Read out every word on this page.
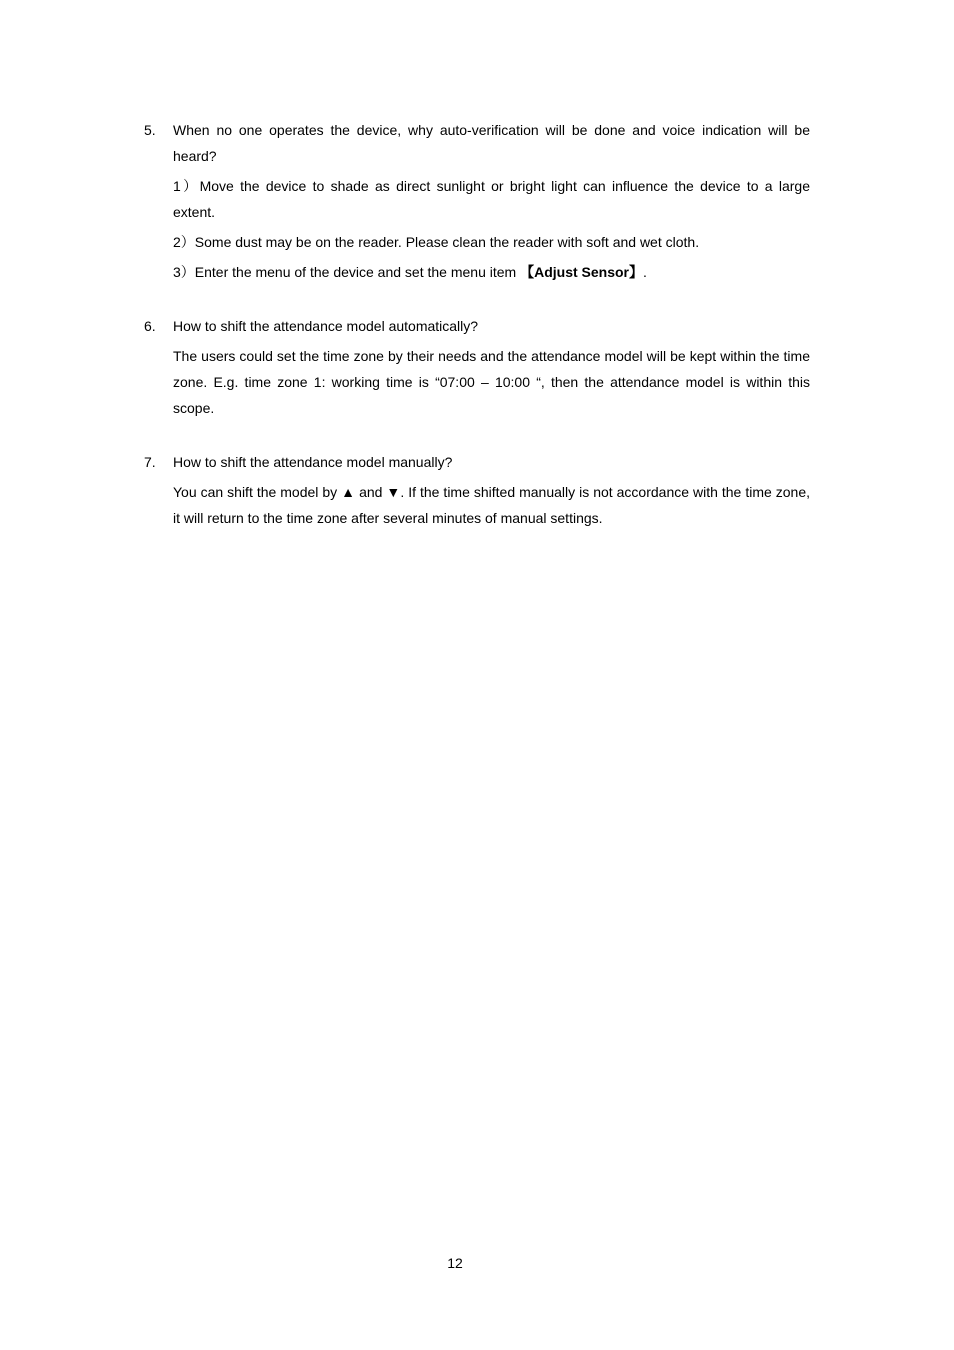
5.	When no one operates the device, why auto-verification will be done and voice indication will be heard?

1）Move the device to shade as direct sunlight or bright light can influence the device to a large extent.

2）Some dust may be on the reader. Please clean the reader with soft and wet cloth.

3）Enter the menu of the device and set the menu item 【Adjust Sensor】.

6.	How to shift the attendance model automatically?

The users could set the time zone by their needs and the attendance model will be kept within the time zone. E.g. time zone 1: working time is “07:00 – 10:00 “, then the attendance model is within this scope.

7.	How to shift the attendance model manually?

You can shift the model by ▲ and ▼. If the time shifted manually is not accordance with the time zone, it will return to the time zone after several minutes of manual settings.

12
